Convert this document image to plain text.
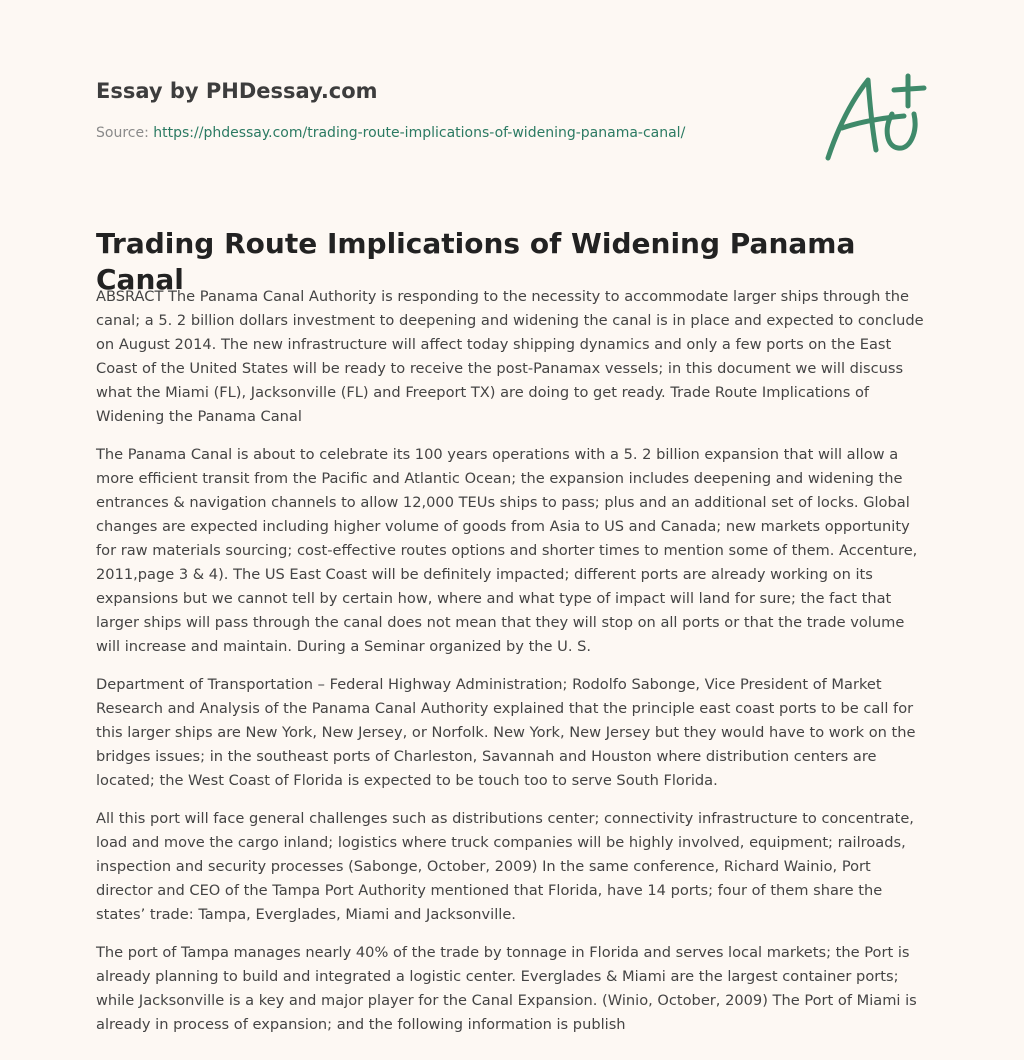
Essay by PHDessay.com
Source: https://phdessay.com/trading-route-implications-of-widening-panama-canal/
Trading Route Implications of Widening Panama Canal

ABSRACT The Panama Canal Authority is responding to the necessity to accommodate larger ships through the canal; a 5. 2 billion dollars investment to deepening and widening the canal is in place and expected to conclude on August 2014. The new infrastructure will affect today shipping dynamics and only a few ports on the East Coast of the United States will be ready to receive the post-Panamax vessels; in this document we will discuss what the Miami (FL), Jacksonville (FL) and Freeport TX) are doing to get ready. Trade Route Implications of Widening the Panama Canal

The Panama Canal is about to celebrate its 100 years operations with a 5. 2 billion expansion that will allow a more efficient transit from the Pacific and Atlantic Ocean; the expansion includes deepening and widening the entrances & navigation channels to allow 12,000 TEUs ships to pass; plus and an additional set of locks. Global changes are expected including higher volume of goods from Asia to US and Canada; new markets opportunity for raw materials sourcing; cost-effective routes options and shorter times to mention some of them. Accenture, 2011,page 3 & 4). The US East Coast will be definitely impacted; different ports are already working on its expansions but we cannot tell by certain how, where and what type of impact will land for sure; the fact that larger ships will pass through the canal does not mean that they will stop on all ports or that the trade volume will increase and maintain. During a Seminar organized by the U. S.

Department of Transportation – Federal Highway Administration; Rodolfo Sabonge, Vice President of Market Research and Analysis of the Panama Canal Authority explained that the principle east coast ports to be call for this larger ships are New York, New Jersey, or Norfolk. New York, New Jersey but they would have to work on the bridges issues; in the southeast ports of Charleston, Savannah and Houston where distribution centers are located; the West Coast of Florida is expected to be touch too to serve South Florida.

All this port will face general challenges such as distributions center; connectivity infrastructure to concentrate, load and move the cargo inland; logistics where truck companies will be highly involved, equipment; railroads, inspection and security processes (Sabonge, October, 2009) In the same conference, Richard Wainio, Port director and CEO of the Tampa Port Authority mentioned that Florida, have 14 ports; four of them share the states’ trade: Tampa, Everglades, Miami and Jacksonville.

The port of Tampa manages nearly 40% of the trade by tonnage in Florida and serves local markets; the Port is already planning to build and integrated a logistic center. Everglades & Miami are the largest container ports; while Jacksonville is a key and major player for the Canal Expansion. (Winio, October, 2009) The Port of Miami is already in process of expansion; and the following information is publish
